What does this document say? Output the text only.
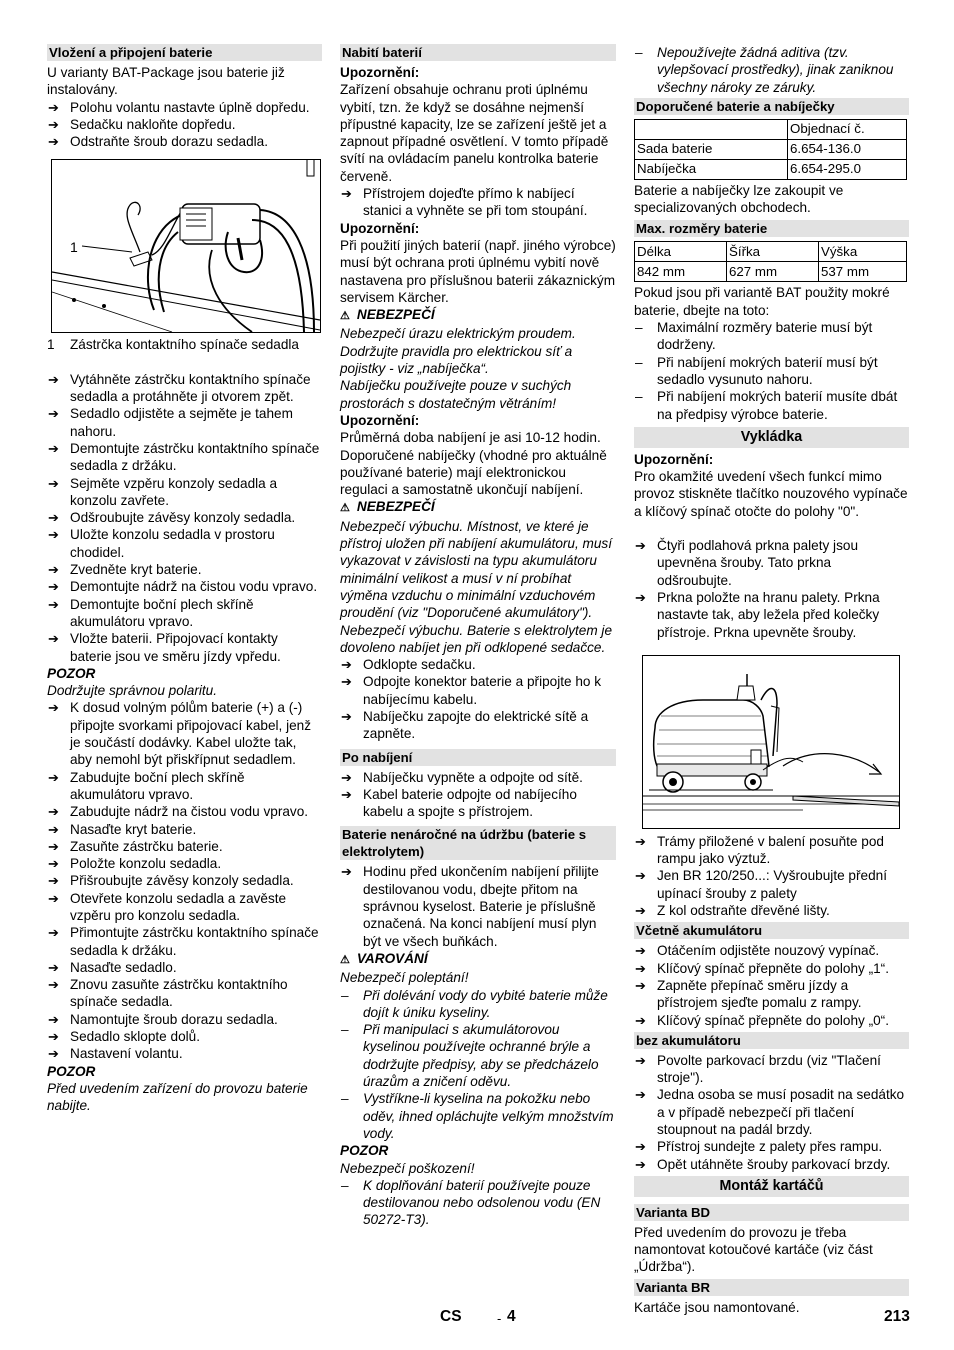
Vložení a připojení baterie

U varianty BAT-Package jsou baterie již instalovány.

➔ Polohu volantu nastavte úplně dopředu.
➔ Sedačku nakloňte dopředu.
➔ Odstraňte šroub dorazu sedadla.
1
1 Zástrčka kontaktního spínače sedadla
➔ Vytáhněte zástrčku kontaktního spínače sedadla a protáhněte ji otvorem zpět.
➔ Sedadlo odjistěte a sejměte je tahem nahoru.
➔ Demontujte zástrčku kontaktního spínače sedadla z držáku.
➔ Sejměte vzpěru konzoly sedadla a konzolu zavřete.
➔ Odšroubujte závěsy konzoly sedadla.
➔ Uložte konzolu sedadla v prostoru chodidel.
➔ Zvedněte kryt baterie.
➔ Demontujte nádrž na čistou vodu vpravo.
➔ Demontujte boční plech skříně akumulátoru vpravo.
➔ Vložte baterii. Připojovací kontakty baterie jsou ve směru jízdy vpředu.
POZOR
Dodržujte správnou polaritu.
➔ K dosud volným pólům baterie (+) a (-) připojte svorkami připojovací kabel, jenž je součástí dodávky. Kabel uložte tak, aby nemohl být přiskřípnut sedadlem.
➔ Zabudujte boční plech skříně akumulátoru vpravo.
➔ Zabudujte nádrž na čistou vodu vpravo.
➔ Nasaďte kryt baterie.
➔ Zasuňte zástrčku baterie.
➔ Položte konzolu sedadla.
➔ Přišroubujte závěsy konzoly sedadla.
➔ Otevřete konzolu sedadla a zavěste vzpěru pro konzolu sedadla.
➔ Přimontujte zástrčku kontaktního spínače sedadla k držáku.
➔ Nasaďte sedadlo.
➔ Znovu zasuňte zástrčku kontaktního spínače sedadla.
➔ Namontujte šroub dorazu sedadla.
➔ Sedadlo sklopte dolů.
➔ Nastavení volantu.
POZOR
Před uvedením zařízení do provozu baterie nabijte.
Nabití baterií
Upozornění:

Zařízení obsahuje ochranu proti úplnému vybití, tzn. že když se dosáhne nejmenší přípustné kapacity, lze se zařízení ještě jet a zapnout případné osvětlení. V tomto případě svítí na ovládacím panelu kontrolka baterie červeně.

➔ Přístrojem dojeďte přímo k nabíjecí stanici a vyhněte se při tom stoupání.
Upozornění:

Při použití jiných baterií (např. jiného výrobce) musí být ochrana proti úplnému vybití nově nastavena pro příslušnou baterii zákaznickým servisem Kärcher.

⚠ NEBEZPEČÍ
Nebezpečí úrazu elektrickým proudem. Dodržujte pravidla pro elektrickou síť a pojistky - viz „nabíječka“.
Nabíječku používejte pouze v suchých prostorách s dostatečným větráním!
Upozornění:

Průměrná doba nabíjení je asi 10-12 hodin. Doporučené nabíječky (vhodné pro aktuálně používané baterie) mají elektronickou regulaci a samostatně ukončují nabíjení.

⚠ NEBEZPEČÍ
Nebezpečí výbuchu. Místnost, ve které je přístroj uložen při nabíjení akumulátoru, musí vykazovat v závislosti na typu akumulátoru minimální velikost a musí v ní probíhat výměna vzduchu o minimální vzduchovém proudění (viz "Doporučené akumulátory").
Nebezpečí výbuchu. Baterie s elektrolytem je dovoleno nabíjet jen při odklopené sedačce.
➔ Odklopte sedačku.
➔ Odpojte konektor baterie a připojte ho k nabíjecímu kabelu.
➔ Nabíječku zapojte do elektrické sítě a zapněte.
Po nabíjení
➔ Nabíječku vypněte a odpojte od sítě.
➔ Kabel baterie odpojte od nabíjecího kabelu a spojte s přístrojem.
Baterie nenáročné na údržbu (baterie s elektrolytem)
➔ Hodinu před ukončením nabíjení přilijte destilovanou vodu, dbejte přitom na správnou kyselost. Baterie je příslušně označená. Na konci nabíjení musí plyn být ve všech buňkách.
⚠ VAROVÁNÍ
Nebezpečí poleptání!
– Při dolévání vody do vybité baterie může dojít k úniku kyseliny.
– Při manipulaci s akumulátorovou kyselinou používejte ochranné brýle a dodržujte předpisy, aby se předcházelo úrazům a zničení oděvu.
– Vystříkne-li kyselina na pokožku nebo oděv, ihned opláchujte velkým množstvím vody.
POZOR
Nebezpečí poškození!
– K doplňování baterií používejte pouze destilovanou nebo odsolenou vodu (EN 50272-T3).
– Nepoužívejte žádná aditiva (tzv. vylepšovací prostředky), jinak zaniknou všechny nároky ze záruky.
Doporučené baterie a nabíječky
	Objednací č.
Sada baterie	6.654-136.0
Nabíječka	6.654-295.0

Baterie a nabíječky lze zakoupit ve specializovaných obchodech.

Max. rozměry baterie
Délka	Šířka	Výška
842 mm	627 mm	537 mm

Pokud jsou při variantě BAT použity mokré baterie, dbejte na toto:

– Maximální rozměry baterie musí být dodrženy.
– Při nabíjení mokrých baterií musí být sedadlo vysunuto nahoru.
– Při nabíjení mokrých baterií musíte dbát na předpisy výrobce baterie.
Vykládka
Upozornění:

Pro okamžité uvedení všech funkcí mimo provoz stiskněte tlačítko nouzového vypínače a klíčový spínač otočte do polohy "0".

➔ Čtyři podlahová prkna palety jsou upevněna šrouby. Tato prkna odšroubujte.
➔ Prkna položte na hranu palety. Prkna nastavte tak, aby ležela před kolečky přístroje. Prkna upevněte šrouby.
➔ Trámy přiložené v balení posuňte pod rampu jako výztuž.
➔ Jen BR 120/250...: Vyšroubujte přední upínací šrouby z palety
➔ Z kol odstraňte dřevěné lišty.
Včetně akumulátoru
➔ Otáčením odjistěte nouzový vypínač.
➔ Klíčový spínač přepněte do polohy „1“.
➔ Zapněte přepínač směru jízdy a přístrojem sjeďte pomalu z rampy.
➔ Klíčový spínač přepněte do polohy „0“.
bez akumulátoru
➔ Povolte parkovací brzdu (viz "Tlačení stroje").
➔ Jedna osoba se musí posadit na sedátko a v případě nebezpečí při tlačení stoupnout na padál brzdy.
➔ Přístroj sundejte z palety přes rampu.
➔ Opět utáhněte šrouby parkovací brzdy.
Montáž kartáčů
Varianta BD

Před uvedením do provozu je třeba namontovat kotoučové kartáče (viz část „Údržba“).

Varianta BR

Kartáče jsou namontované.

CS	- 4	213
